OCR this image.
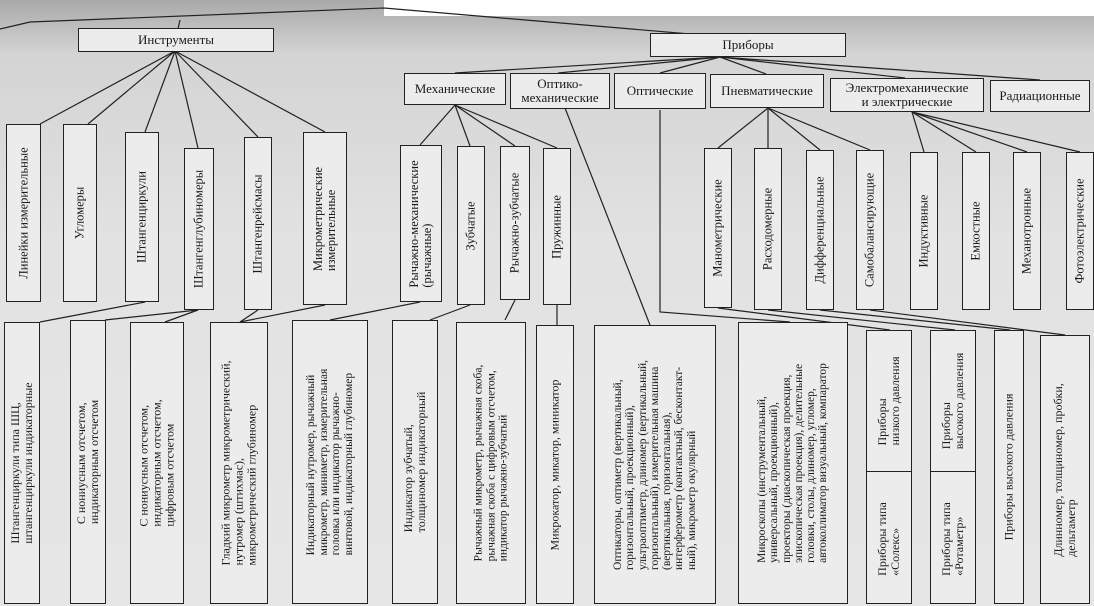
Инструменты	Приборы
Механические	Оптико-
механические Оптические Пневматические	Электромеханические
и электрические	Радиационные
Линейки измерительные	Угломеры	Штангенциркули	Штангенглубиномеры	Штангенрейсмасы	Микрометрические
измерительные	Рычажно-механические
(рычажные) Зубчатые Рычажно-зубчатые Пружинные	Манометрические	Расходомерные	Дифференциальные	Самобалансирующие	Индуктивные	Емкостные	Механотронные	Фотоэлектрические
Штангенциркули типа ШЦ,
штангенциркули индикаторные
С нониусным отсчетом,
индикаторным отсчетом
С нониусным отсчетом,
индикаторным отсчетом,
цифровым отсчетом
Гладкий микрометр микрометрический,
нутромер (штихмас),
микрометрический глубиномер
Индикаторный нутромер, рычажный
микрометр, миниметр, измерительная
головка или индикатор рычажно-
винтовой, индикаторный глубиномер
Индикатор зубчатый,
толщиномер индикаторный
Рычажный микрометр, рычажная скоба,
рычажная скоба с цифровым отсчетом,
индикатор рычажно-зубчатый	Микрокатор, микатор, миникатор	Оптикаторы, оптиметр (вертикальный,
горизонтальный, проекционный),
ультраоптиметр, длиномер (вертикальный,
горизонтальный), измерительная машина
(вертикальная, горизонтальная),
интерферометр (контактный, бесконтакт-
ный), микрометр окулярный
Микроскопы (инструментальный,
универсальный, проекционный),
проекторы (диаскопическая проекция,
эпископическая проекция), делительные
головки, столы, длиномер, угломер,
автоколлиматор визуальный, компаратор
Приборы
низкого давления
Приборы типа
«Солекс»
Приборы
высокого давления
Приборы типа
«Ротаметр»
Приборы высокого давления	Длинномер, толщиномер, пробки,
дельтаметр
